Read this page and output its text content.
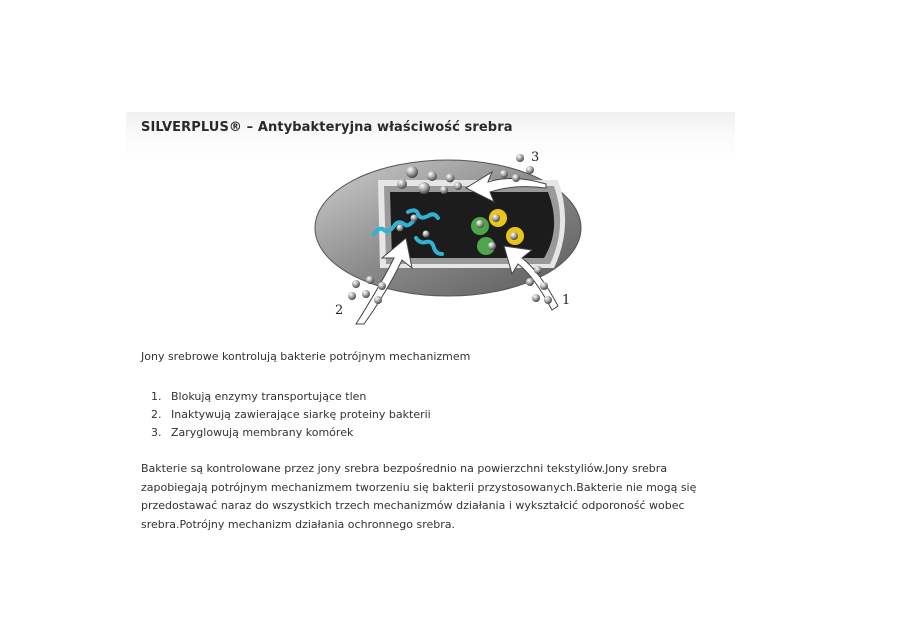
SILVERPLUS® – Antybakteryjna właściwość srebra
3
2
1
Jony srebrowe kontrolują bakterie potrójnym mechanizmem
1. Blokują enzymy transportujące tlen
2. Inaktywują zawierające siarkę proteiny bakterii
3. Zaryglowują membrany komórek
Bakterie są kontrolowane przez jony srebra bezpośrednio na powierzchni tekstyliów.Jony srebra
zapobiegają potrójnym mechanizmem tworzeniu się bakterii przystosowanych.Bakterie nie mogą się
przedostawać naraz do wszystkich trzech mechanizmów działania i wykształcić odporoność wobec
srebra.Potrójny mechanizm działania ochronnego srebra.
